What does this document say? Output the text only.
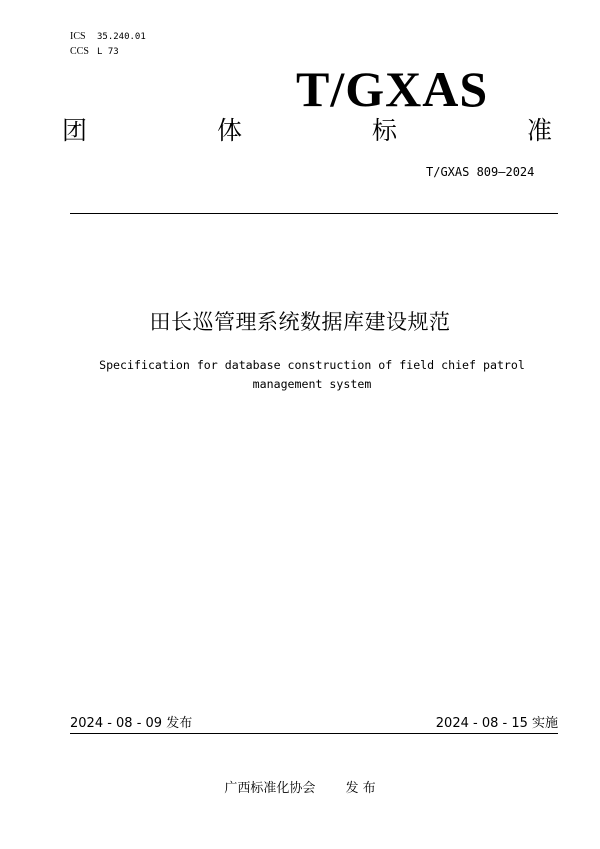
ICS 35.240.01
CCS L 73
T/GXAS
团	体	标	准
T/GXAS 809—2024
田长巡管理系统数据库建设规范
Specification for database construction of field chief patrol management system
2024 - 08 - 09 发布	2024 - 08 - 15 实施
广西标准化协会 发 布
